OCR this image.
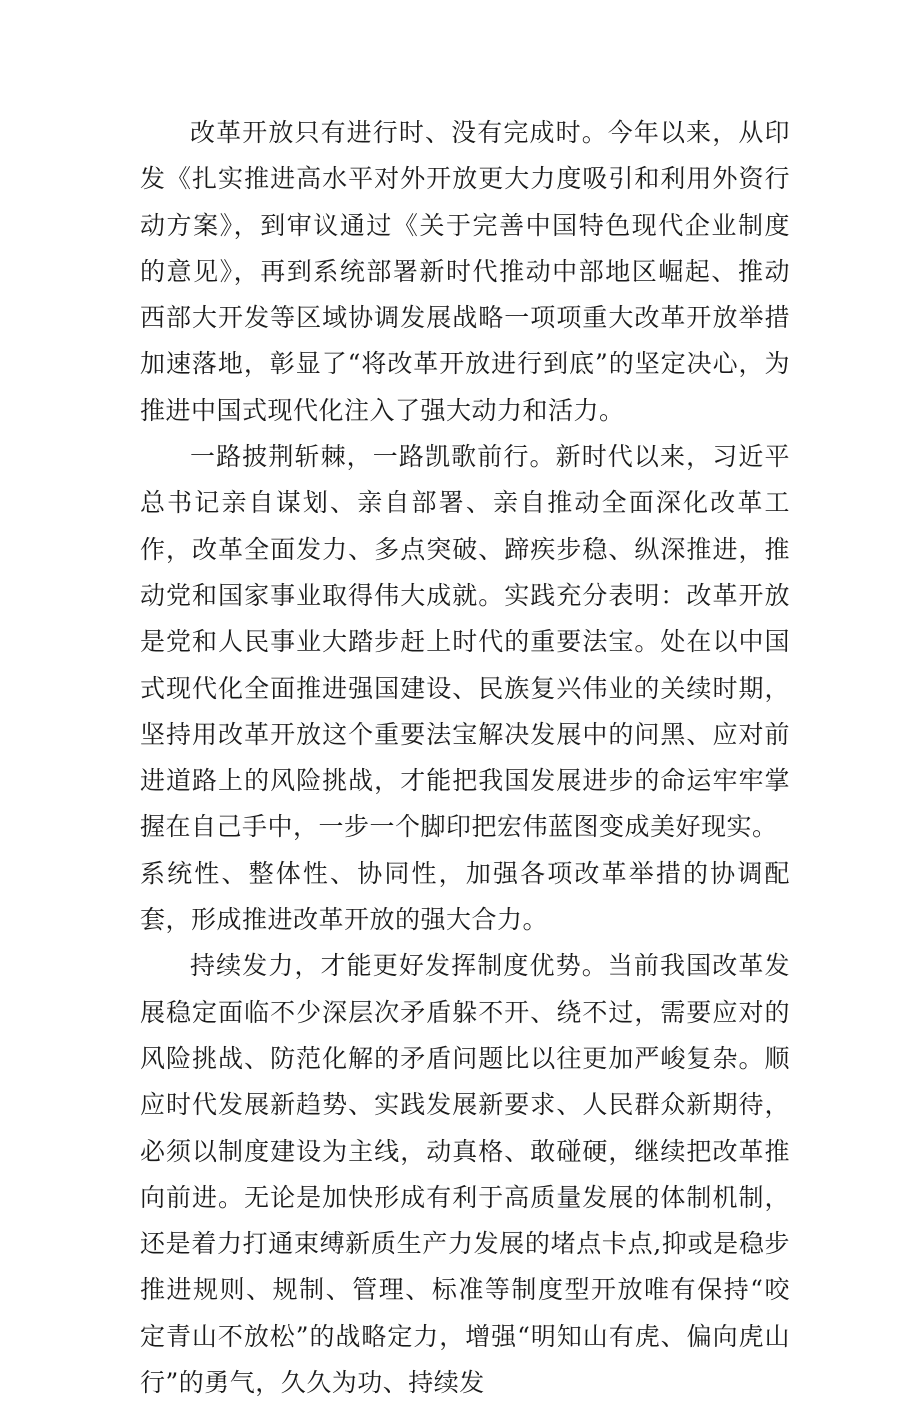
改革开放只有进行时、没有完成时。今年以来，从印发《扎实推进高水平对外开放更大力度吸引和利用外资行动方案》，到审议通过《关于完善中国特色现代企业制度的意见》，再到系统部署新时代推动中部地区崛起、推动西部大开发等区域协调发展战略一项项重大改革开放举措加速落地，彰显了“将改革开放进行到底”的坚定决心，为推进中国式现代化注入了强大动力和活力。

一路披荆斩棘，一路凯歌前行。新时代以来，习近平总书记亲自谋划、亲自部署、亲自推动全面深化改革工作，改革全面发力、多点突破、蹄疾步稳、纵深推进，推动党和国家事业取得伟大成就。实践充分表明：改革开放是党和人民事业大踏步赶上时代的重要法宝。处在以中国式现代化全面推进强国建设、民族复兴伟业的关续时期，坚持用改革开放这个重要法宝解决发展中的问黑、应对前进道路上的风险挑战，才能把我国发展进步的命运牢牢掌握在自己手中，一步一个脚印把宏伟蓝图变成美好现实。

系统性、整体性、协同性，加强各项改革举措的协调配套，形成推进改革开放的强大合力。

持续发力，才能更好发挥制度优势。当前我国改革发展稳定面临不少深层次矛盾躲不开、绕不过，需要应对的风险挑战、防范化解的矛盾问题比以往更加严峻复杂。顺应时代发展新趋势、实践发展新要求、人民群众新期待，必须以制度建设为主线，动真格、敢碰硬，继续把改革推向前进。无论是加快形成有利于高质量发展的体制机制，还是着力打通束缚新质生产力发展的堵点卡点,抑或是稳步推进规则、规制、管理、标准等制度型开放唯有保持“咬定青山不放松”的战略定力，增强“明知山有虎、偏向虎山行”的勇气，久久为功、持续发
